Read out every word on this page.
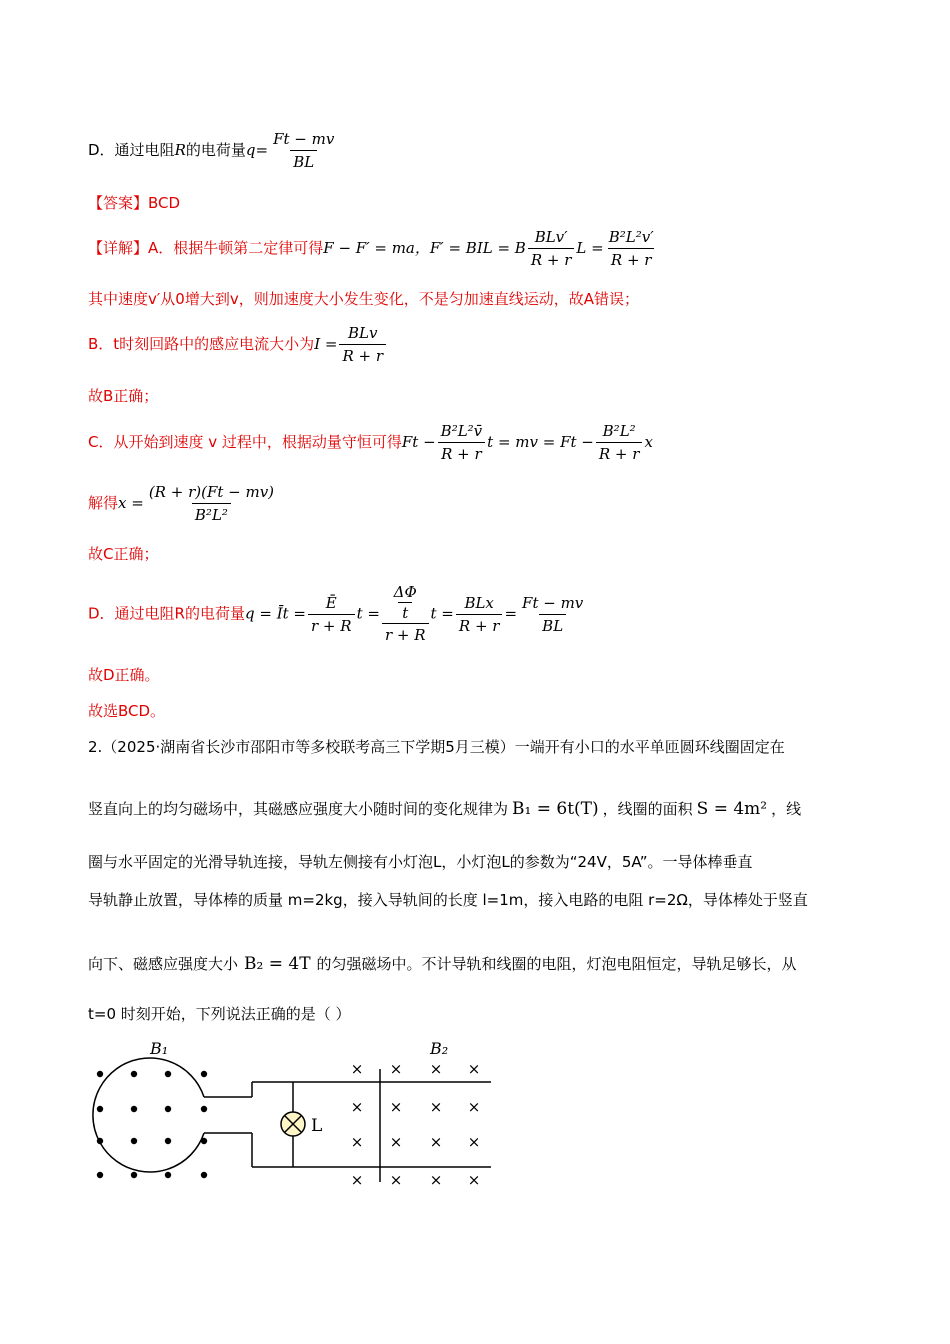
D．通过电阻R的电荷量$q= \frac{Ft - mv}{BL}$
【答案】BCD
【详解】A．根据牛顿第二定律可得F − F′ = ma，F′ = BIL = B $\frac{\text{BLv′}}{R + r}$ $L = \frac{\text{B²L²v′}}{R + r}$
其中速度v′从0增大到v，则加速度大小发生变化，不是匀加速直线运动，故A错误；
B．t时刻回路中的感应电流大小为$I = \frac{\text{BLv}}{R + r}$
故B正确；
C．从开始到速度 v 过程中，根据动量守恒可得$Ft - \frac{\text{B²L²v̄}}{R + r}$ t = mv = $Ft - \frac{\text{B²L²}}{R + r}$ x
解得$x = \frac{(R + r)(Ft - mv)}{\text{B²L²}}$
故C正确；
D．通过电阻R的电荷量q = Īt = $\frac{Ē}{r + R}$ t = ΔΦ
t
r + R $t = \frac{\text{BLx}}{R + r} = \frac{Ft - mv}{BL}$
故D正确。
故选BCD。
2.（2025·湖南省长沙市邵阳市等多校联考高三下学期5月三模）一端开有小口的水平单匝圆环线圈固定在
竖直向上的均匀磁场中，其磁感应强度大小随时间的变化规律为 B₁ = 6t(T) ，线圈的面积 S = 4m² ，线
圈与水平固定的光滑导轨连接，导轨左侧接有小灯泡L，小灯泡L的参数为“24V，5A”。一导体棒垂直
导轨静止放置，导体棒的质量 m=2kg，接入导轨间的长度 l=1m，接入电路的电阻 r=2Ω，导体棒处于竖直
向下、磁感应强度大小 B₂ = 4T 的匀强磁场中。不计导轨和线圈的电阻，灯泡电阻恒定，导轨足够长，从
t=0 时刻开始，下列说法正确的是（ ）
× × × ×
× × × ×
× × × ×
× × × ×
B₁	B₂
L
